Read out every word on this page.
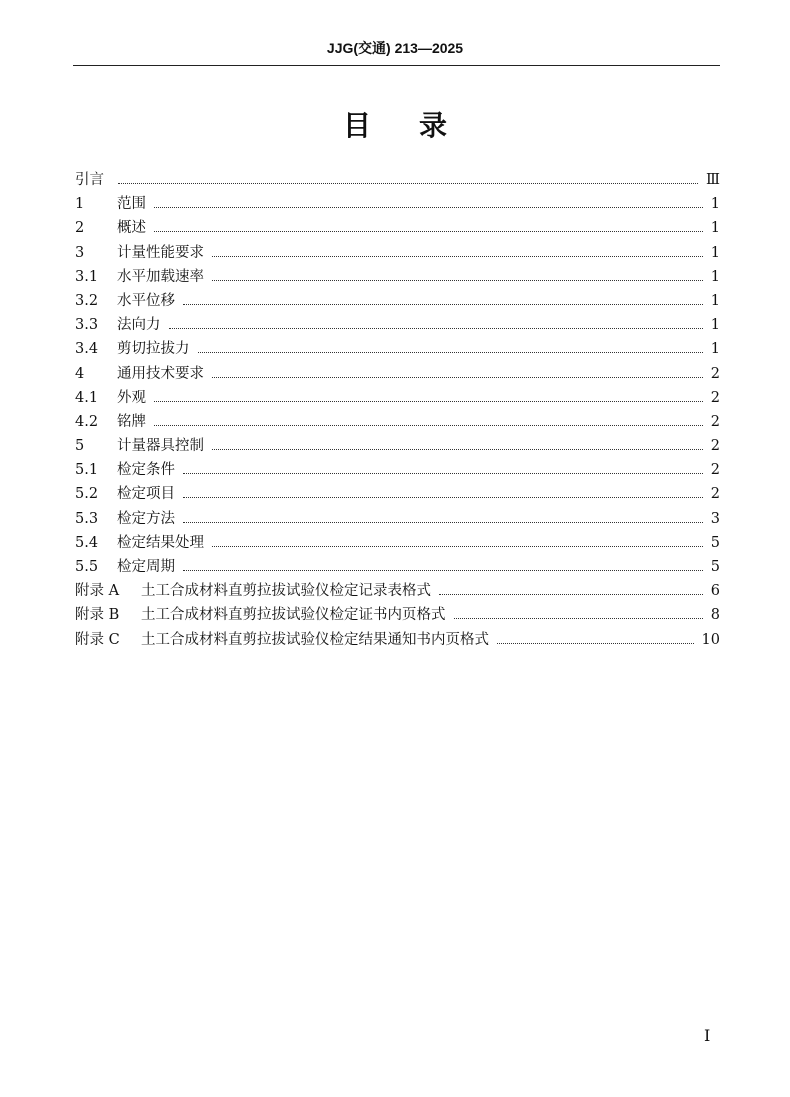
JJG(交通) 213—2025
目 录
引言	Ⅲ
1	范围	1
2	概述	1
3	计量性能要求	1
3.1	水平加载速率	1
3.2	水平位移	1
3.3	法向力	1
3.4	剪切拉拔力	1
4	通用技术要求	2
4.1	外观	2
4.2	铭牌	2
5	计量器具控制	2
5.1	检定条件	2
5.2	检定项目	2
5.3	检定方法	3
5.4	检定结果处理	5
5.5	检定周期	5
附录 A	土工合成材料直剪拉拔试验仪检定记录表格式	6
附录 B	土工合成材料直剪拉拔试验仪检定证书内页格式	8
附录 C	土工合成材料直剪拉拔试验仪检定结果通知书内页格式	10
I
